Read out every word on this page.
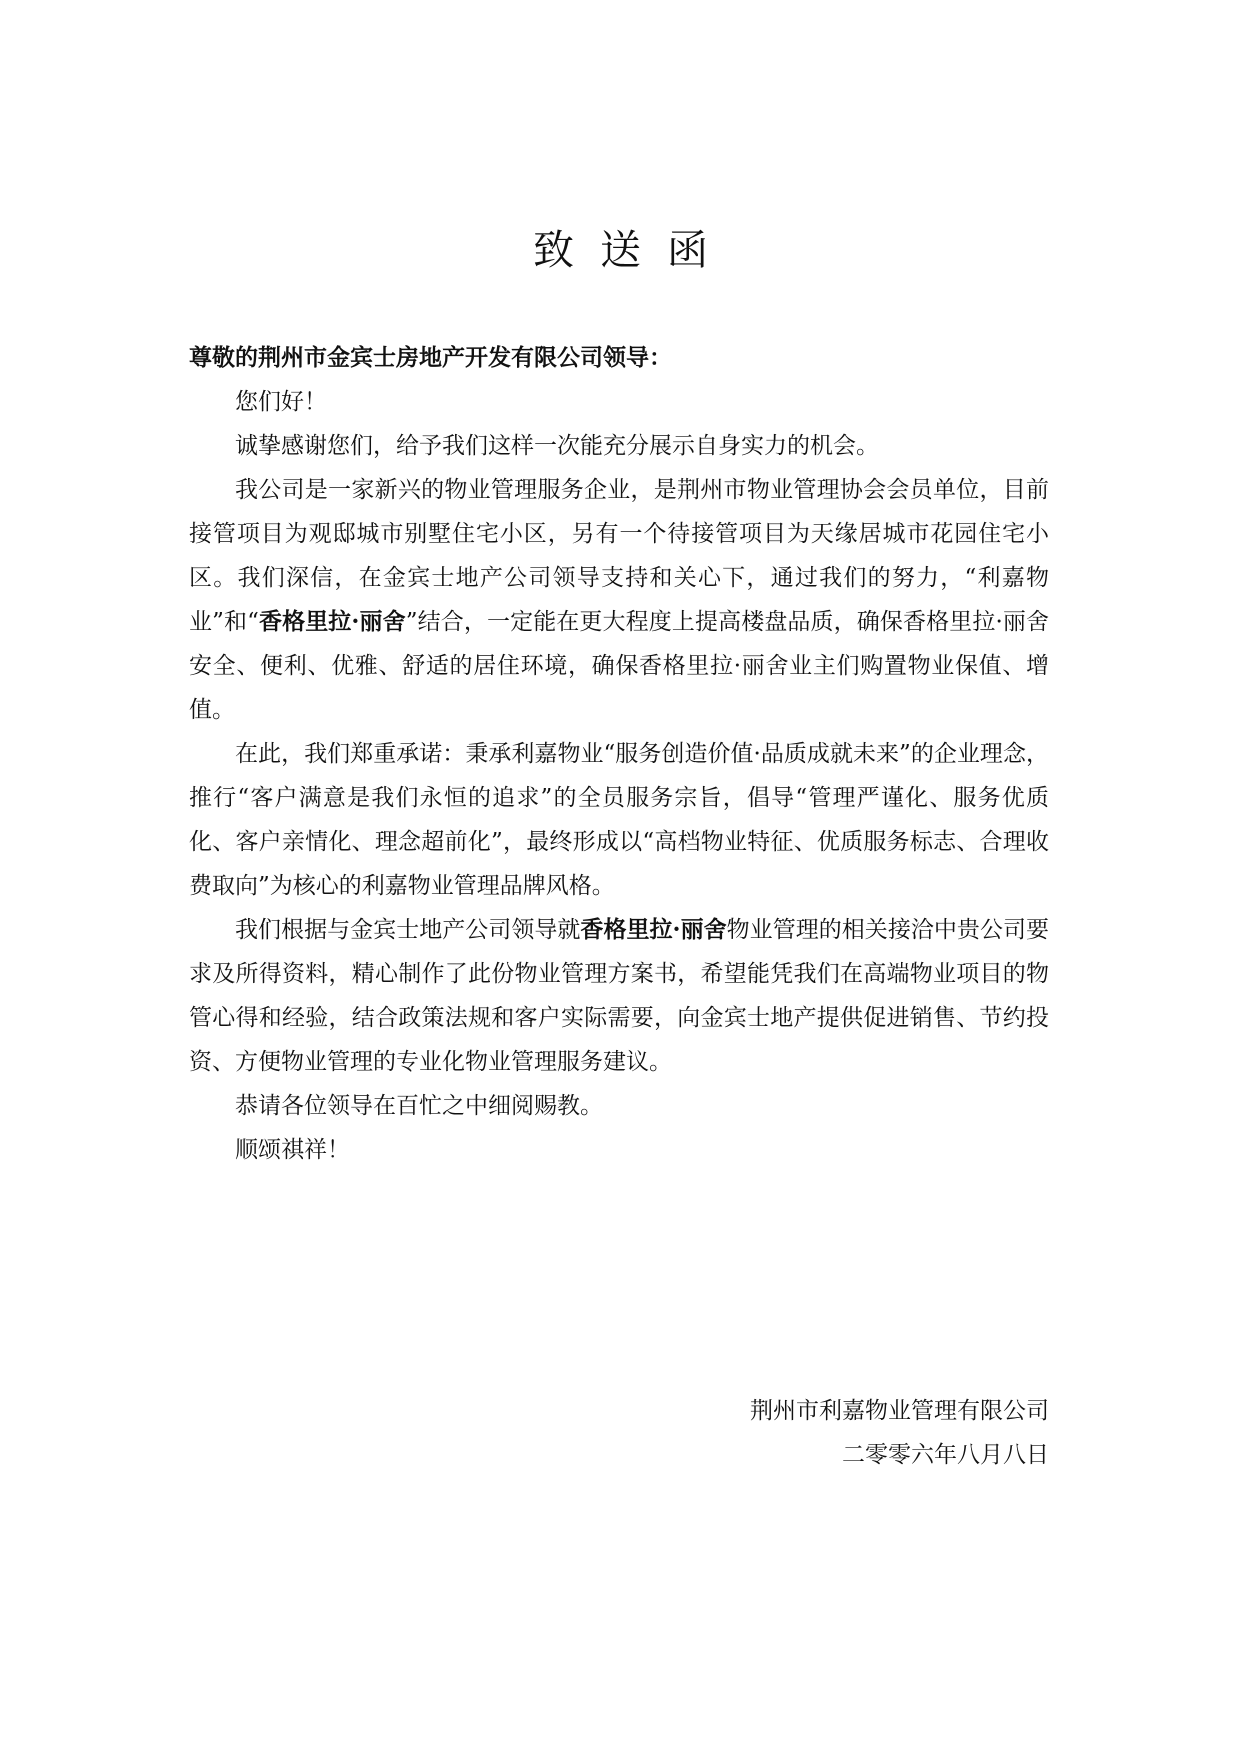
致送函

尊敬的荆州市金宾士房地产开发有限公司领导：

您们好！

诚挚感谢您们，给予我们这样一次能充分展示自身实力的机会。

我公司是一家新兴的物业管理服务企业，是荆州市物业管理协会会员单位，目前接管项目为观邸城市别墅住宅小区，另有一个待接管项目为天缘居城市花园住宅小区。我们深信，在金宾士地产公司领导支持和关心下，通过我们的努力，“利嘉物业”和“香格里拉·丽舍”结合，一定能在更大程度上提高楼盘品质，确保香格里拉·丽舍安全、便利、优雅、舒适的居住环境，确保香格里拉·丽舍业主们购置物业保值、增值。

在此，我们郑重承诺：秉承利嘉物业“服务创造价值·品质成就未来”的企业理念，推行“客户满意是我们永恒的追求”的全员服务宗旨，倡导“管理严谨化、服务优质化、客户亲情化、理念超前化”，最终形成以“高档物业特征、优质服务标志、合理收费取向”为核心的利嘉物业管理品牌风格。

我们根据与金宾士地产公司领导就香格里拉·丽舍物业管理的相关接洽中贵公司要求及所得资料，精心制作了此份物业管理方案书，希望能凭我们在高端物业项目的物管心得和经验，结合政策法规和客户实际需要，向金宾士地产提供促进销售、节约投资、方便物业管理的专业化物业管理服务建议。

恭请各位领导在百忙之中细阅赐教。

顺颂祺祥！

荆州市利嘉物业管理有限公司
二零零六年八月八日
